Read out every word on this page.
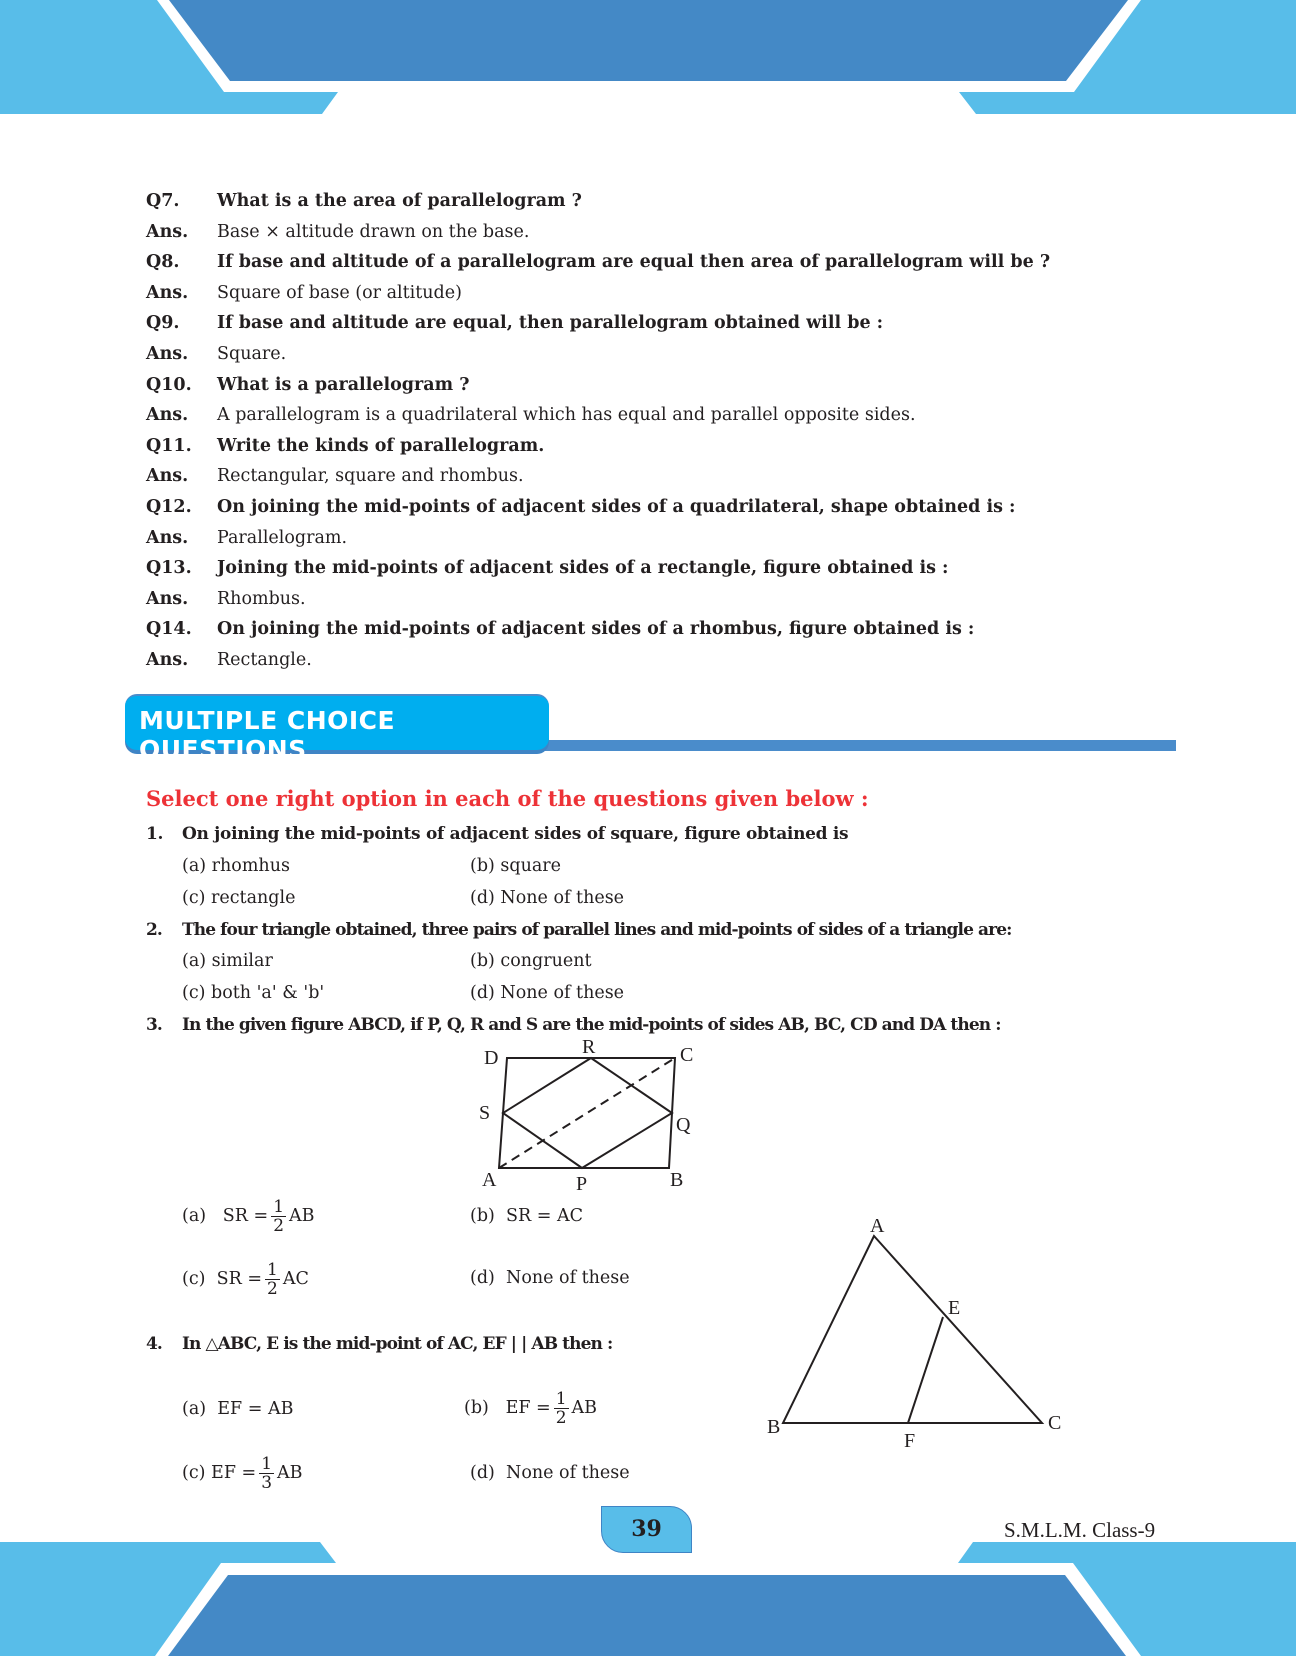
Q7. What is a the area of parallelogram ?
Ans. Base × altitude drawn on the base.
Q8. If base and altitude of a parallelogram are equal then area of parallelogram will be ?
Ans. Square of base (or altitude)
Q9. If base and altitude are equal, then parallelogram obtained will be :
Ans. Square.
Q10. What is a parallelogram ?
Ans. A parallelogram is a quadrilateral which has equal and parallel opposite sides.
Q11. Write the kinds of parallelogram.
Ans. Rectangular, square and rhombus.
Q12. On joining the mid-points of adjacent sides of a quadrilateral, shape obtained is :
Ans. Parallelogram.
Q13. Joining the mid-points of adjacent sides of a rectangle, figure obtained is :
Ans. Rhombus.
Q14. On joining the mid-points of adjacent sides of a rhombus, figure obtained is :
Ans. Rectangle.
MULTIPLE CHOICE QUESTIONS
Select one right option in each of the questions given below :
1. On joining the mid-points of adjacent sides of square, figure obtained is
(a) rhomhus	(b) square
(c) rectangle	(d) None of these
2. The four triangle obtained, three pairs of parallel lines and mid-points of sides of a triangle are:
(a) similar	(b) congruent
(c) both 'a' & 'b'	(d) None of these
3. In the given figure ABCD, if P, Q, R and S are the mid-points of sides AB, BC, CD and DA then :
D	R	C
S
Q
A	P	B
A
E
B	C
F
(a) SR = $\frac{1}{2}$ AB	(b) SR = AC
(c) SR = $\frac{1}{2}$ AC	(d) None of these
4. In △ABC, E is the mid-point of AC, EF | | AB then :
(a) EF = AB	(b) EF = $\frac{1}{2}$ AB
(c) EF = $\frac{1}{3}$ AB	(d) None of these
39	S.M.L.M. Class-9
